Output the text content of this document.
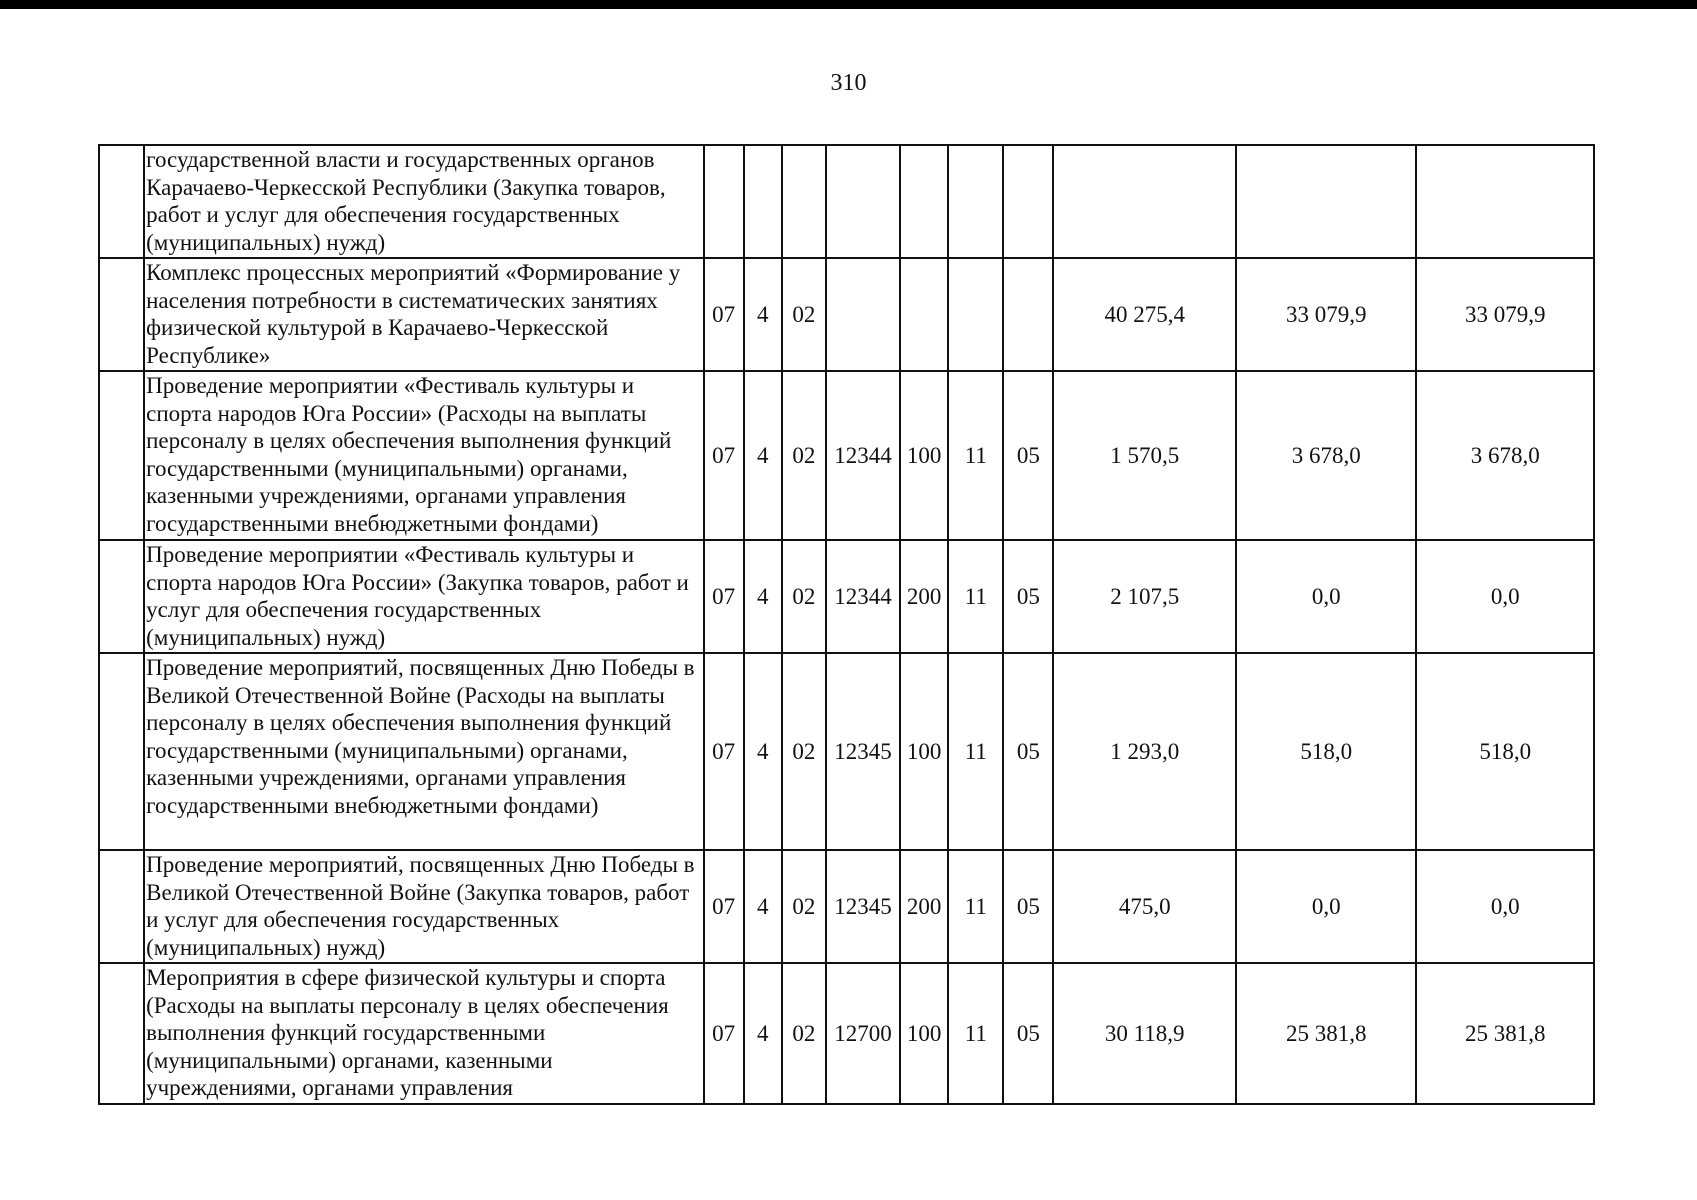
310
	государственной власти и государственных органов Карачаево-Черкесской Республики (Закупка товаров, работ и услуг для обеспечения государственных (муниципальных) нужд)										
	Комплекс процессных мероприятий «Формирование у населения потребности в систематических занятиях физической культурой в Карачаево-Черкесской Республике»	07	4	02					40 275,4	33 079,9	33 079,9
	Проведение мероприятии «Фестиваль культуры и спорта народов Юга России» (Расходы на выплаты персоналу в целях обеспечения выполнения функций государственными (муниципальными) органами, казенными учреждениями, органами управления государственными внебюджетными фондами)	07	4	02	12344	100	11	05	1 570,5	3 678,0	3 678,0
	Проведение мероприятии «Фестиваль культуры и спорта народов Юга России» (Закупка товаров, работ и услуг для обеспечения государственных (муниципальных) нужд)	07	4	02	12344	200	11	05	2 107,5	0,0	0,0
	Проведение мероприятий, посвященных Дню Победы в Великой Отечественной Войне (Расходы на выплаты персоналу в целях обеспечения выполнения функций государственными (муниципальными) органами, казенными учреждениями, органами управления государственными внебюджетными фондами)	07	4	02	12345	100	11	05	1 293,0	518,0	518,0
	Проведение мероприятий, посвященных Дню Победы в Великой Отечественной Войне (Закупка товаров, работ и услуг для обеспечения государственных (муниципальных) нужд)	07	4	02	12345	200	11	05	475,0	0,0	0,0
	Мероприятия в сфере физической культуры и спорта (Расходы на выплаты персоналу в целях обеспечения выполнения функций государственными (муниципальными) органами, казенными учреждениями, органами управления	07	4	02	12700	100	11	05	30 118,9	25 381,8	25 381,8
